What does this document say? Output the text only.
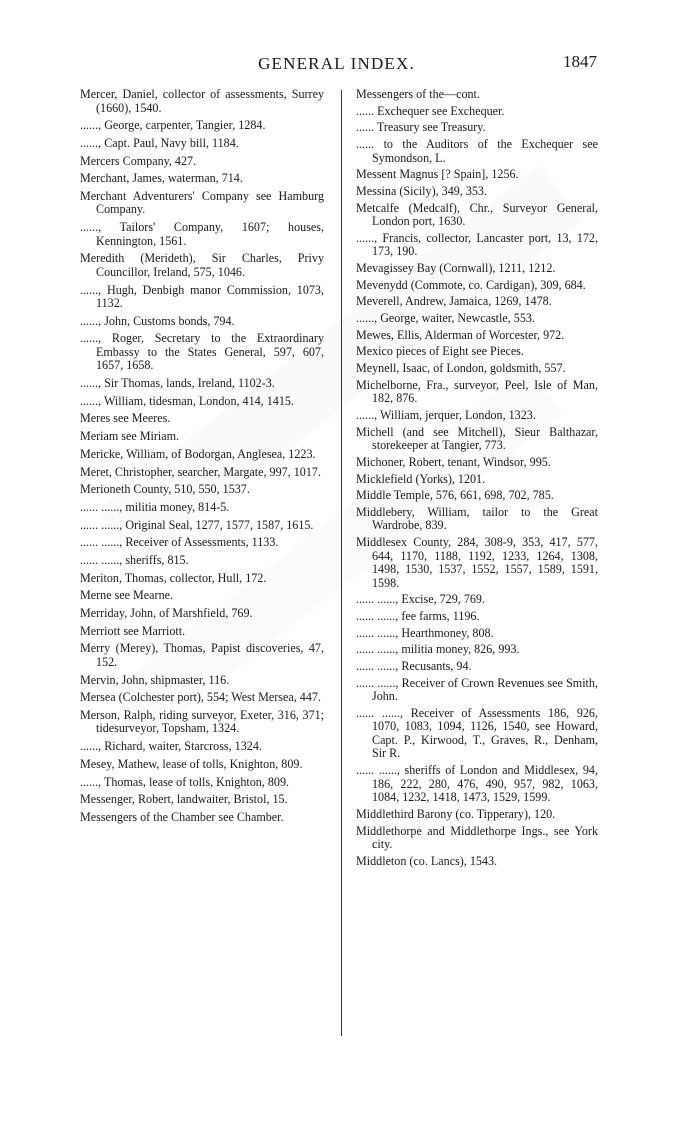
GENERAL INDEX.	1847

Mercer, Daniel, collector of assessments, Surrey (1660), 1540.

......, George, carpenter, Tangier, 1284.

......, Capt. Paul, Navy bill, 1184.

Mercers Company, 427.

Merchant, James, waterman, 714.

Merchant Adventurers' Company see Hamburg Company.

......, Tailors' Company, 1607; houses, Kennington, 1561.

Meredith (Merideth), Sir Charles, Privy Councillor, Ireland, 575, 1046.

......, Hugh, Denbigh manor Commission, 1073, 1132.

......, John, Customs bonds, 794.

......, Roger, Secretary to the Extraordinary Embassy to the States General, 597, 607, 1657, 1658.

......, Sir Thomas, lands, Ireland, 1102-3.

......, William, tidesman, London, 414, 1415.

Meres see Meeres.

Meriam see Miriam.

Mericke, William, of Bodorgan, Anglesea, 1223.

Meret, Christopher, searcher, Margate, 997, 1017.

Merioneth County, 510, 550, 1537.

...... ......, militia money, 814-5.

...... ......, Original Seal, 1277, 1577, 1587, 1615.

...... ......, Receiver of Assessments, 1133.

...... ......, sheriffs, 815.

Meriton, Thomas, collector, Hull, 172.

Merne see Mearne.

Merriday, John, of Marshfield, 769.

Merriott see Marriott.

Merry (Merey), Thomas, Papist discoveries, 47, 152.

Mervin, John, shipmaster, 116.

Mersea (Colchester port), 554; West Mersea, 447.

Merson, Ralph, riding surveyor, Exeter, 316, 371; tidesurveyor, Topsham, 1324.

......, Richard, waiter, Starcross, 1324.

Mesey, Mathew, lease of tolls, Knighton, 809.

......, Thomas, lease of tolls, Knighton, 809.

Messenger, Robert, landwaiter, Bristol, 15.

Messengers of the Chamber see Chamber.

Messengers of the—cont.

...... Exchequer see Exchequer.

...... Treasury see Treasury.

...... to the Auditors of the Exchequer see Symondson, L.

Messent Magnus [? Spain], 1256.

Messina (Sicily), 349, 353.

Metcalfe (Medcalf), Chr., Surveyor General, London port, 1630.

......, Francis, collector, Lancaster port, 13, 172, 173, 190.

Mevagissey Bay (Cornwall), 1211, 1212.

Mevenydd (Commote, co. Cardigan), 309, 684.

Meverell, Andrew, Jamaica, 1269, 1478.

......, George, waiter, Newcastle, 553.

Mewes, Ellis, Alderman of Worcester, 972.

Mexico pieces of Eight see Pieces.

Meynell, Isaac, of London, goldsmith, 557.

Michelborne, Fra., surveyor, Peel, Isle of Man, 182, 876.

......, William, jerquer, London, 1323.

Michell (and see Mitchell), Sieur Balthazar, storekeeper at Tangier, 773.

Michoner, Robert, tenant, Windsor, 995.

Micklefield (Yorks), 1201.

Middle Temple, 576, 661, 698, 702, 785.

Middlebery, William, tailor to the Great Wardrobe, 839.

Middlesex County, 284, 308-9, 353, 417, 577, 644, 1170, 1188, 1192, 1233, 1264, 1308, 1498, 1530, 1537, 1552, 1557, 1589, 1591, 1598.

...... ......, Excise, 729, 769.

...... ......, fee farms, 1196.

...... ......, Hearthmoney, 808.

...... ......, militia money, 826, 993.

...... ......, Recusants, 94.

...... ......, Receiver of Crown Revenues see Smith, John.

...... ......, Receiver of Assessments 186, 926, 1070, 1083, 1094, 1126, 1540, see Howard, Capt. P., Kirwood, T., Graves, R., Denham, Sir R.

...... ......, sheriffs of London and Middlesex, 94, 186, 222, 280, 476, 490, 957, 982, 1063, 1084, 1232, 1418, 1473, 1529, 1599.

Middlethird Barony (co. Tipperary), 120.

Middlethorpe and Middlethorpe Ings., see York city.

Middleton (co. Lancs), 1543.
